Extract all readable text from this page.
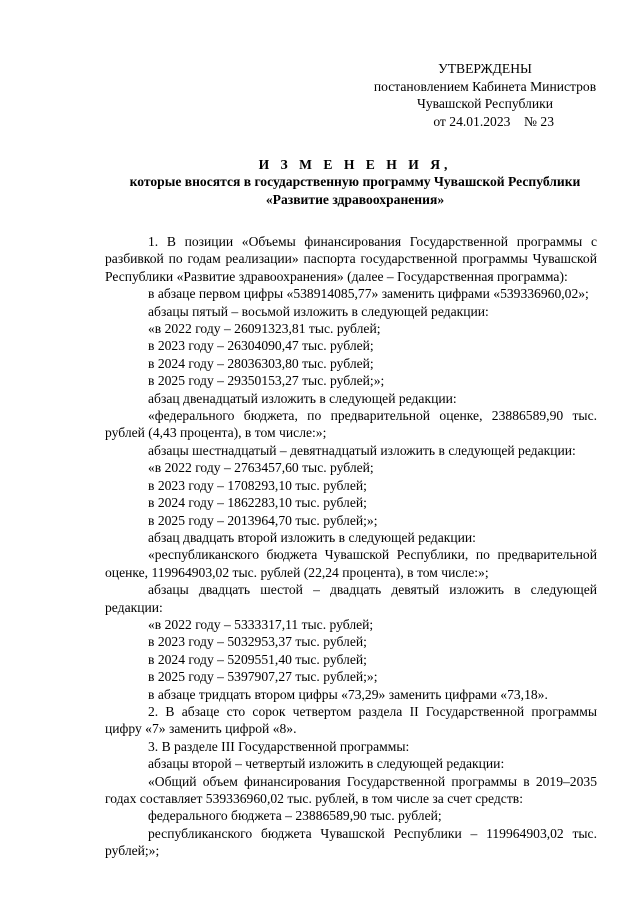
УТВЕРЖДЕНЫ
постановлением Кабинета Министров
Чувашской Республики
от 24.01.2023    № 23
И З М Е Н Е Н И Я,
которые вносятся в государственную программу Чувашской Республики
«Развитие здравоохранения»

1. В позиции «Объемы финансирования Государственной программы с разбивкой по годам реализации» паспорта государственной программы Чувашской Республики «Развитие здравоохранения» (далее – Государственная программа):

в абзаце первом цифры «538914085,77» заменить цифрами «539336960,02»;

абзацы пятый – восьмой изложить в следующей редакции:

«в 2022 году – 26091323,81 тыс. рублей;

в 2023 году – 26304090,47 тыс. рублей;

в 2024 году – 28036303,80 тыс. рублей;

в 2025 году – 29350153,27 тыс. рублей;»;

абзац двенадцатый изложить в следующей редакции:

«федерального бюджета, по предварительной оценке, 23886589,90 тыс. рублей (4,43 процента), в том числе:»;

абзацы шестнадцатый – девятнадцатый изложить в следующей редакции:

«в 2022 году – 2763457,60 тыс. рублей;

в 2023 году – 1708293,10 тыс. рублей;

в 2024 году – 1862283,10 тыс. рублей;

в 2025 году – 2013964,70 тыс. рублей;»;

абзац двадцать второй изложить в следующей редакции:

«республиканского бюджета Чувашской Республики, по предварительной оценке, 119964903,02 тыс. рублей (22,24 процента), в том числе:»;

абзацы двадцать шестой – двадцать девятый изложить в следующей редакции:

«в 2022 году – 5333317,11 тыс. рублей;

в 2023 году – 5032953,37 тыс. рублей;

в 2024 году – 5209551,40 тыс. рублей;

в 2025 году – 5397907,27 тыс. рублей;»;

в абзаце тридцать втором цифры «73,29» заменить цифрами «73,18».

2. В абзаце сто сорок четвертом раздела II Государственной программы цифру «7» заменить цифрой «8».

3. В разделе III Государственной программы:

абзацы второй – четвертый изложить в следующей редакции:

«Общий объем финансирования Государственной программы в 2019–2035 годах составляет 539336960,02 тыс. рублей, в том числе за счет средств:

федерального бюджета – 23886589,90 тыс. рублей;

республиканского бюджета Чувашской Республики – 119964903,02 тыс. рублей;»;
